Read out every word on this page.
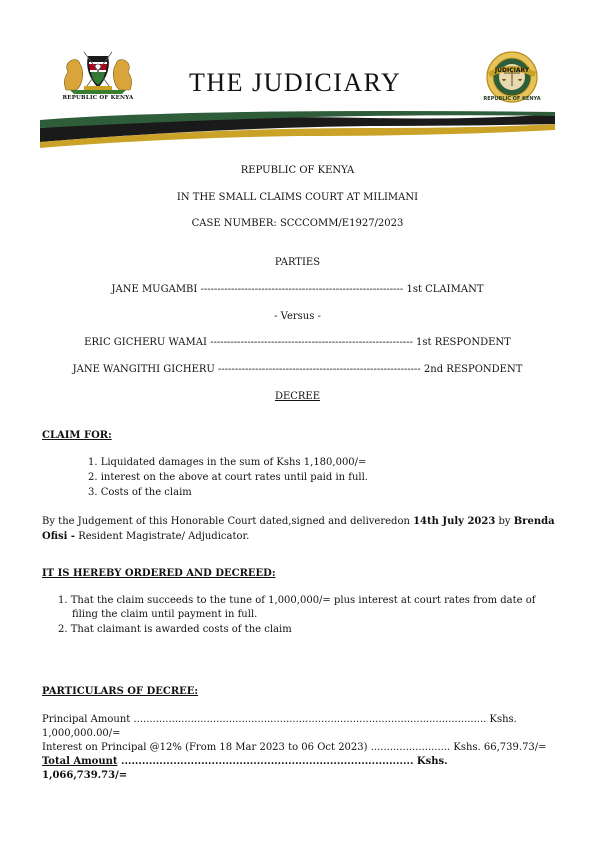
REPUBLIC OF KENYA
THE JUDICIARY	JUDICIARY
REPUBLIC OF KENYA
REPUBLIC OF KENYA
IN THE SMALL CLAIMS COURT AT MILIMANI
CASE NUMBER: SCCCOMM/E1927/2023
PARTIES
JANE MUGAMBI ------------------------------------------------------------ 1st CLAIMANT
- Versus -
ERIC GICHERU WAMAI ------------------------------------------------------------ 1st RESPONDENT
JANE WANGITHI GICHERU ------------------------------------------------------------ 2nd RESPONDENT
DECREE
CLAIM FOR:
1. Liquidated damages in the sum of Kshs 1,180,000/=
2. interest on the above at court rates until paid in full.
3. Costs of the claim
By the Judgement of this Honorable Court dated,signed and deliveredon 14th July 2023 by Brenda
Ofisi - Resident Magistrate/ Adjudicator.
IT IS HEREBY ORDERED AND DECREED:
1. That the claim succeeds to the tune of 1,000,000/= plus interest at court rates from date of
filing the claim until payment in full.
2. That claimant is awarded costs of the claim
PARTICULARS OF DECREE:
Principal Amount ............................................................................................................... Kshs.
1,000,000.00/=
Interest on Principal @12% (From 18 Mar 2023 to 06 Oct 2023) ......................... Kshs. 66,739.73/=
Total Amount .................................................................................... Kshs.
1,066,739.73/=
